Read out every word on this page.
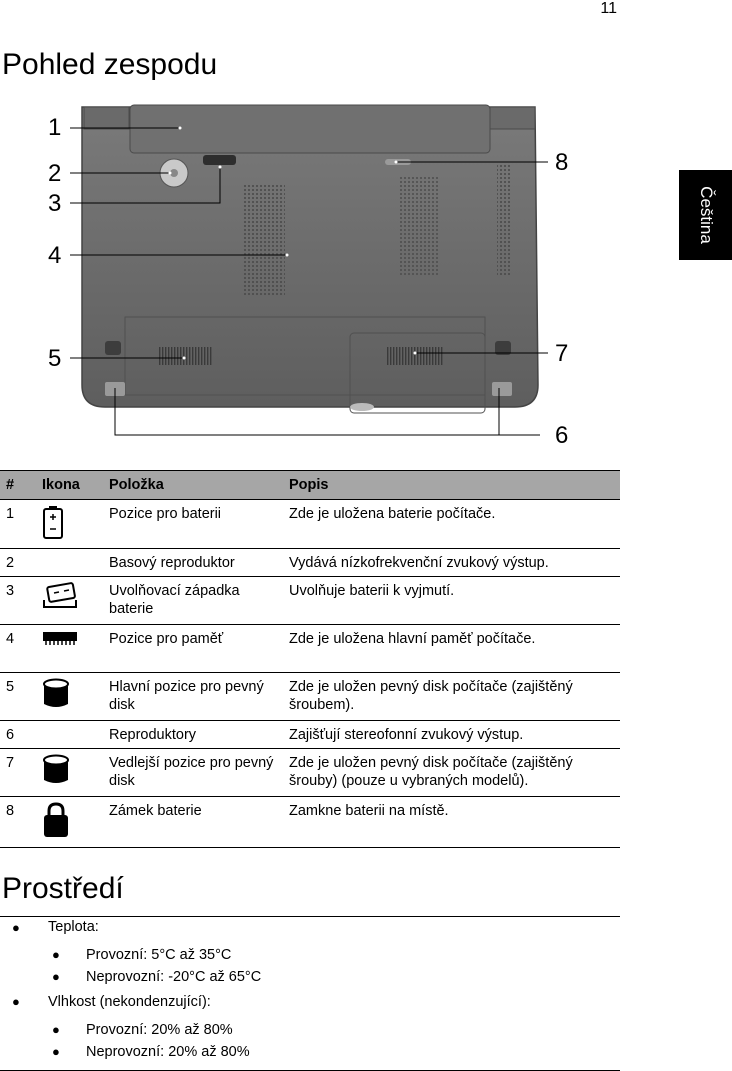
11
Čeština
Pohled zespodu
1
2
3
4
5
6
7
8
#	Ikona	Položka	Popis
1		Pozice pro baterii	Zde je uložena baterie počítače.
2		Basový reproduktor	Vydává nízkofrekvenční zvukový výstup.
3		Uvolňovací západka baterie	Uvolňuje baterii k vyjmutí.
4		Pozice pro paměť	Zde je uložena hlavní paměť počítače.
5		Hlavní pozice pro pevný disk	Zde je uložen pevný disk počítače (zajištěný šroubem).
6		Reproduktory	Zajišťují stereofonní zvukový výstup.
7		Vedlejší pozice pro pevný disk	Zde je uložen pevný disk počítače (zajištěný šrouby) (pouze u vybraných modelů).
8		Zámek baterie	Zamkne baterii na místě.
Prostředí
● Teplota:
● Provozní: 5°C až 35°C
● Neprovozní: -20°C až 65°C
● Vlhkost (nekondenzující):
● Provozní: 20% až 80%
● Neprovozní: 20% až 80%
